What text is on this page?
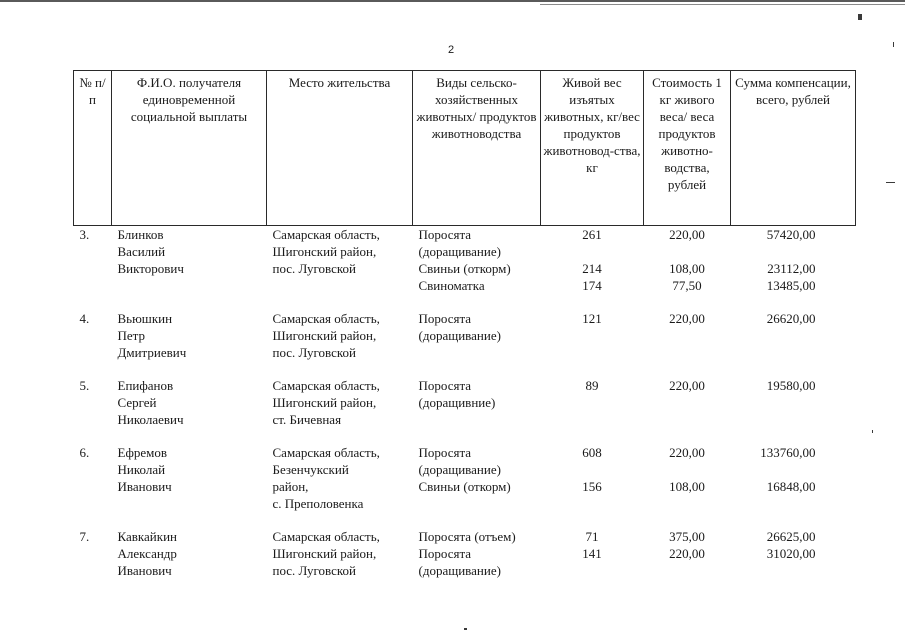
2
№ п/п	Ф.И.О. получателя единовременной социальной выплаты	Место жительства	Виды сельско-хозяйственных животных/ продуктов животноводства	Живой вес изъятых животных, кг/вес продуктов животновод-ства, кг	Стоимость 1 кг живого веса/ веса продуктов животно-водства, рублей	Сумма компенсации, всего, рублей
3.	Блинков	Самарская область,	Поросята	261	220,00	57420,00
	Василий	Шигонский район,	(доращивание)			
	Викторович	пос. Луговской	Свиньи (откорм)	214	108,00	23112,00
			Свиноматка	174	77,50	13485,00

4.	Вьюшкин	Самарская область,	Поросята	121	220,00	26620,00
	Петр	Шигонский район,	(доращивание)			
	Дмитриевич	пос. Луговской				

5.	Епифанов	Самарская область,	Поросята	89	220,00	19580,00
	Сергей	Шигонский район,	(доращивние)			
	Николаевич	ст. Бичевная				

6.	Ефремов	Самарская область,	Поросята	608	220,00	133760,00
	Николай	Безенчукский	(доращивание)			
	Иванович	район,	Свиньи (откорм)	156	108,00	16848,00
		с. Преполовенка				

7.	Кавкайкин	Самарская область,	Поросята (отъем)	71	375,00	26625,00
	Александр	Шигонский район,	Поросята	141	220,00	31020,00
	Иванович	пос. Луговской	(доращивание)			
